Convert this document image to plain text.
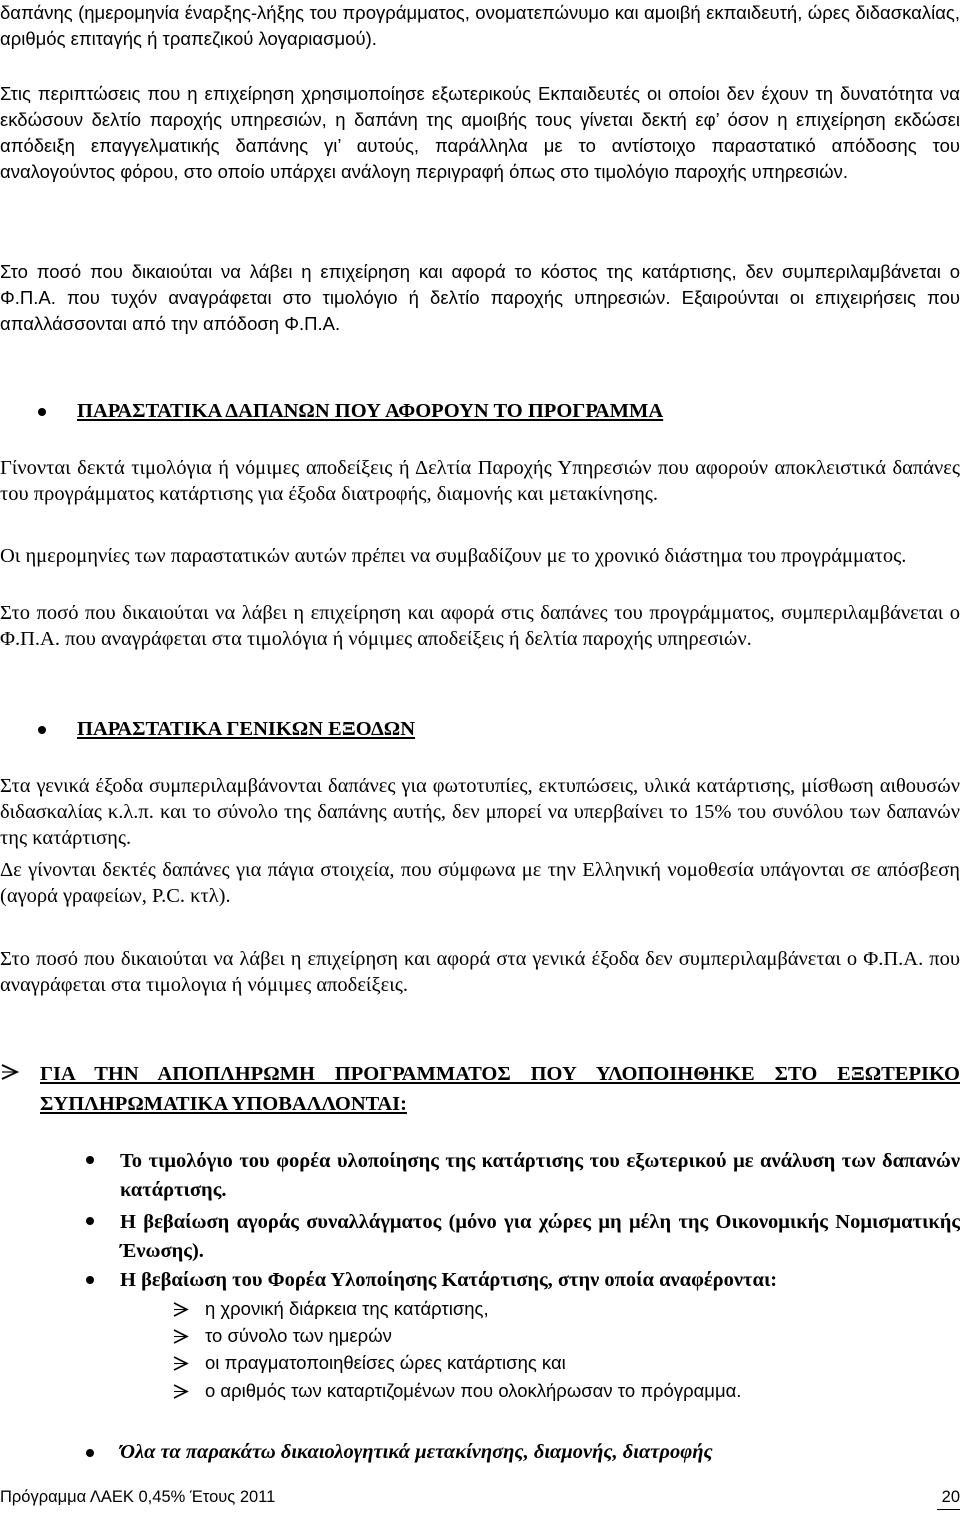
δαπάνης (ημερομηνία έναρξης-λήξης του προγράμματος, ονοματεπώνυμο και αμοιβή εκπαιδευτή, ώρες διδασκαλίας, αριθμός επιταγής ή τραπεζικού λογαριασμού).

Στις περιπτώσεις που η επιχείρηση χρησιμοποίησε εξωτερικούς Εκπαιδευτές οι οποίοι δεν έχουν τη δυνατότητα να εκδώσουν δελτίο παροχής υπηρεσιών, η δαπάνη της αμοιβής τους γίνεται δεκτή εφ’ όσον η επιχείρηση εκδώσει απόδειξη επαγγελματικής δαπάνης γι’ αυτούς, παράλληλα με το αντίστοιχο παραστατικό απόδοσης του αναλογούντος φόρου, στο οποίο υπάρχει ανάλογη περιγραφή όπως στο τιμολόγιο παροχής υπηρεσιών.

Στο ποσό που δικαιούται να λάβει η επιχείρηση και αφορά το κόστος της κατάρτισης, δεν συμπεριλαμβάνεται ο Φ.Π.Α. που τυχόν αναγράφεται στο τιμολόγιο ή δελτίο παροχής υπηρεσιών. Εξαιρούνται οι επιχειρήσεις που απαλλάσσονται από την απόδοση Φ.Π.Α.

ΠΑΡΑΣΤΑΤΙΚΑ ΔΑΠΑΝΩΝ ΠΟΥ ΑΦΟΡΟΥΝ ΤΟ ΠΡΟΓΡΑΜΜΑ

Γίνονται δεκτά τιμολόγια ή νόμιμες αποδείξεις ή Δελτία Παροχής Υπηρεσιών που αφορούν αποκλειστικά δαπάνες του προγράμματος κατάρτισης για έξοδα διατροφής, διαμονής και μετακίνησης.

Οι ημερομηνίες των παραστατικών αυτών πρέπει να συμβαδίζουν με το χρονικό διάστημα του προγράμματος.

Στο ποσό που δικαιούται να λάβει η επιχείρηση και αφορά στις δαπάνες του προγράμματος, συμπεριλαμβάνεται ο Φ.Π.Α. που αναγράφεται στα τιμολόγια ή νόμιμες αποδείξεις ή δελτία παροχής υπηρεσιών.

ΠΑΡΑΣΤΑΤΙΚΑ ΓΕΝΙΚΩΝ ΕΞΟΔΩΝ

Στα γενικά έξοδα συμπεριλαμβάνονται δαπάνες για φωτοτυπίες, εκτυπώσεις, υλικά κατάρτισης, μίσθωση αιθουσών διδασκαλίας κ.λ.π. και το σύνολο της δαπάνης αυτής, δεν μπορεί να υπερβαίνει το 15% του συνόλου των δαπανών της κατάρτισης.

Δε γίνονται δεκτές δαπάνες για πάγια στοιχεία, που σύμφωνα με την Ελληνική νομοθεσία υπάγονται σε απόσβεση (αγορά γραφείων, Ρ.C. κτλ).

Στο ποσό που δικαιούται να λάβει η επιχείρηση και αφορά στα γενικά έξοδα δεν συμπεριλαμβάνεται ο Φ.Π.Α. που αναγράφεται στα τιμολογια ή νόμιμες αποδείξεις.

ΓΙΑ ΤΗΝ ΑΠΟΠΛΗΡΩΜΗ ΠΡΟΓΡΑΜΜΑΤΟΣ ΠΟΥ ΥΛΟΠΟΙΗΘΗΚΕ ΣΤΟ ΕΞΩΤΕΡΙΚΟ ΣΥΠΛΗΡΩΜΑΤΙΚΑ ΥΠΟΒΑΛΛΟΝΤΑΙ:
Το τιμολόγιο του φορέα υλοποίησης της κατάρτισης του εξωτερικού με ανάλυση των δαπανών κατάρτισης.
Η βεβαίωση αγοράς συναλλάγματος (μόνο για χώρες μη μέλη της Οικονομικής Νομισματικής Ένωσης).
Η βεβαίωση του Φορέα Υλοποίησης Κατάρτισης, στην οποία αναφέρονται:
η χρονική διάρκεια της κατάρτισης,
το σύνολο των ημερών
οι πραγματοποιηθείσες ώρες κατάρτισης και
ο αριθμός των καταρτιζομένων που ολοκλήρωσαν το πρόγραμμα.
Όλα τα παρακάτω δικαιολογητικά μετακίνησης, διαμονής, διατροφής
Πρόγραμμα ΛΑΕΚ 0,45% Έτους 2011	20
